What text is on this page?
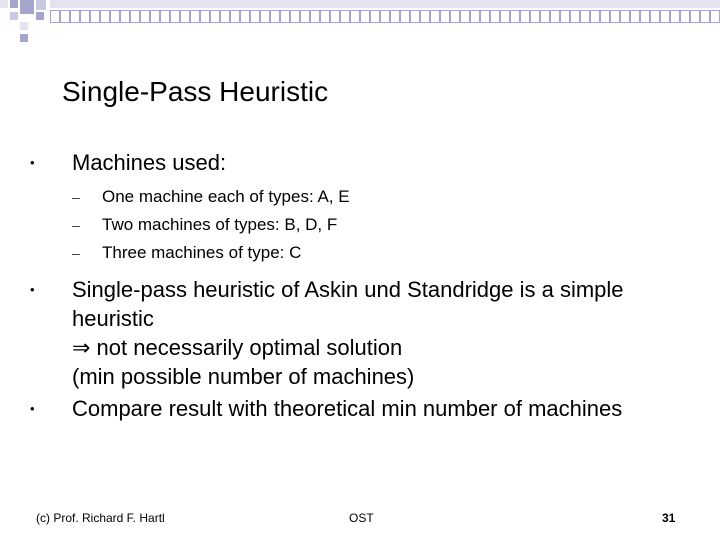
Single-Pass Heuristic
• Machines used:
– One machine each of types: A, E
– Two machines of types: B, D, F
– Three machines of type: C
• Single-pass heuristic of Askin und Standridge is a simple
heuristic
⇒ not necessarily optimal solution
(min possible number of machines)
• Compare result with theoretical min number of machines
(c) Prof. Richard F. Hartl	OST	31
